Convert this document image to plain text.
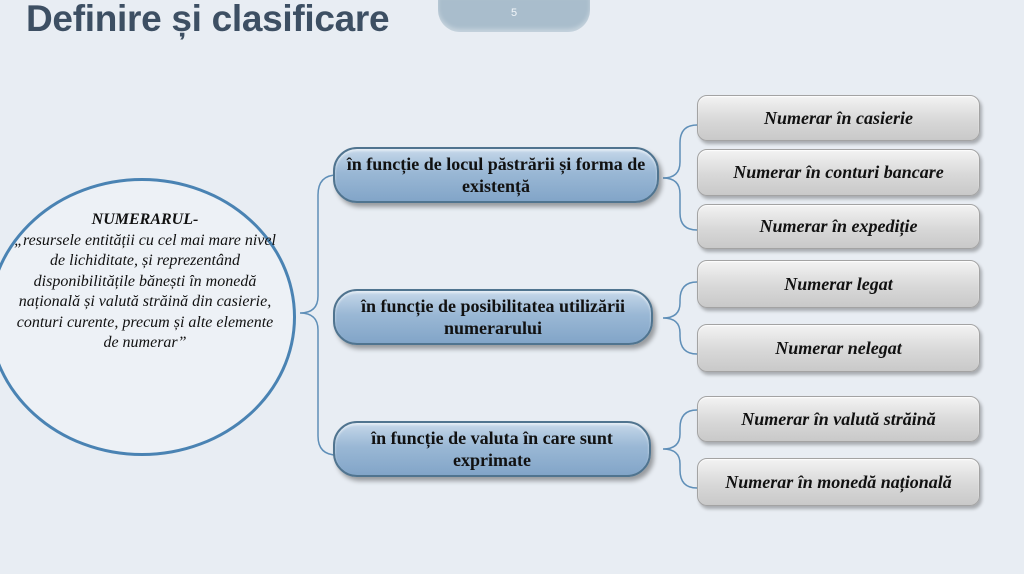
Definire și clasificare	5
NUMERARUL-
„resursele entității cu cel mai mare nivel de lichiditate, și reprezentând disponibilitățile bănești în monedă națională și valută străină din casierie, conturi curente, precum și alte elemente de numerar”
în funcție de locul păstrării și forma de existență
în funcție de posibilitatea utilizării numerarului
în funcție de valuta în care sunt exprimate
Numerar în casierie
Numerar în conturi bancare
Numerar în expediție
Numerar legat
Numerar nelegat
Numerar în valută străină
Numerar în monedă națională
